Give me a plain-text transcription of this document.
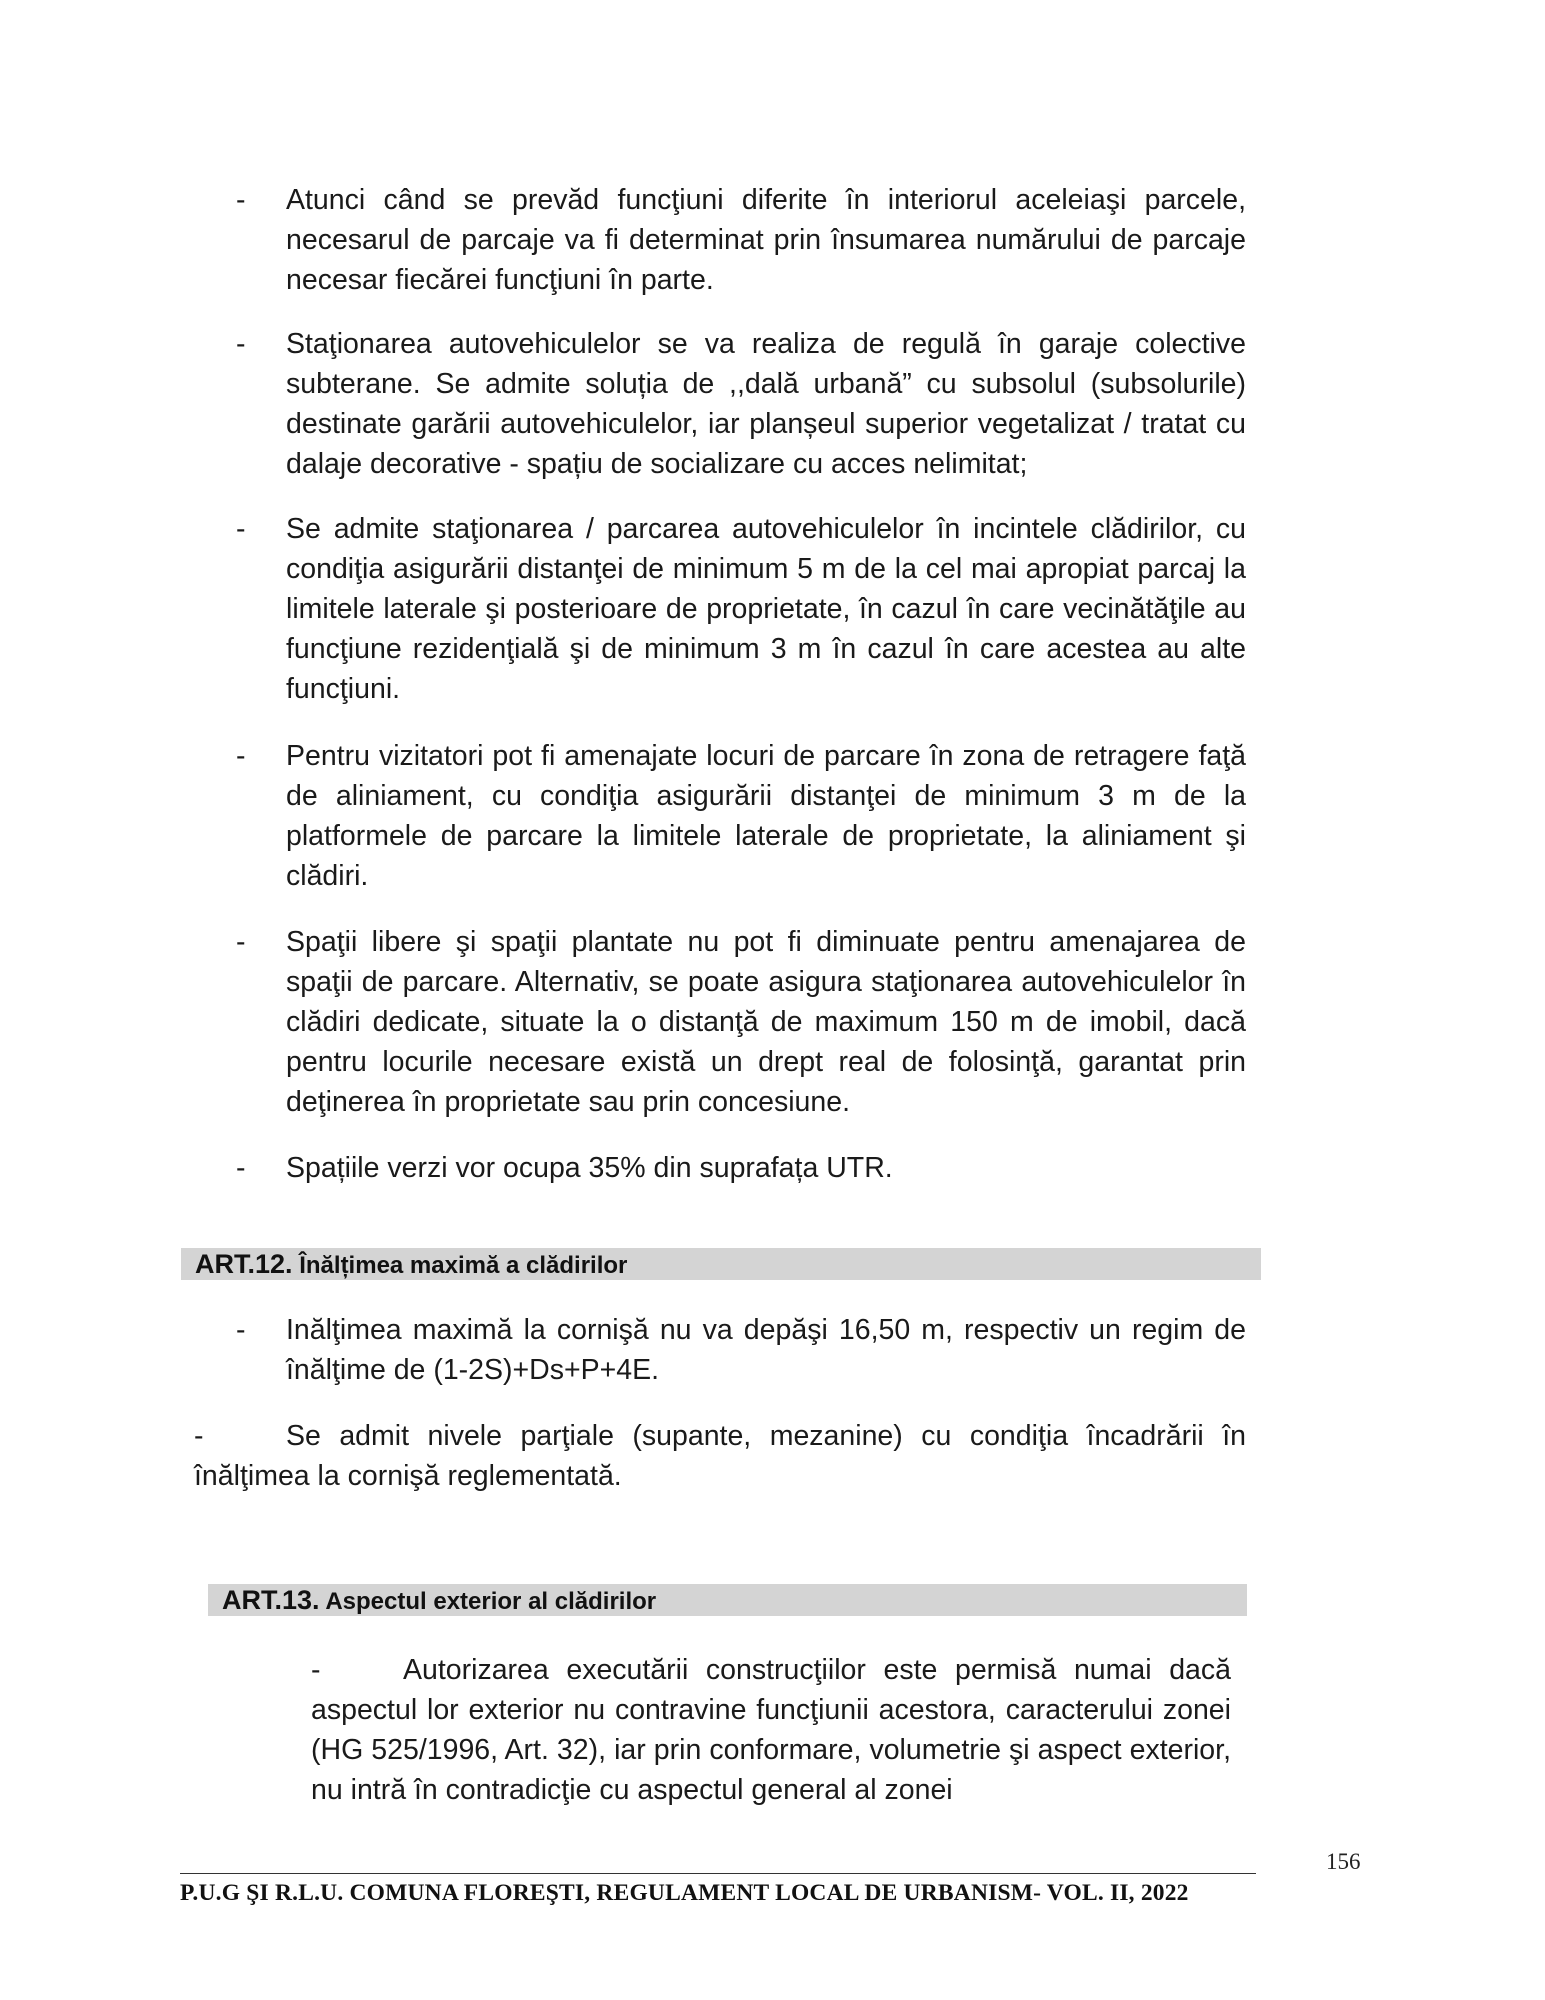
-	Atunci când se prevăd funcţiuni diferite în interiorul aceleiaşi parcele, necesarul de parcaje va fi determinat prin însumarea numărului de parcaje necesar fiecărei funcţiuni în parte.
-	Staţionarea autovehiculelor se va realiza de regulă în garaje colective subterane. Se admite soluția de ,,dală urbană” cu subsolul (subsolurile) destinate garării autovehiculelor, iar planșeul superior vegetalizat / tratat cu dalaje decorative - spațiu de socializare cu acces nelimitat;
-	Se admite staţionarea / parcarea autovehiculelor în incintele clădirilor, cu condiţia asigurării distanţei de minimum 5 m de la cel mai apropiat parcaj la limitele laterale şi posterioare de proprietate, în cazul în care vecinătăţile au funcţiune rezidenţială şi de minimum 3 m în cazul în care acestea au alte funcţiuni.
-	Pentru vizitatori pot fi amenajate locuri de parcare în zona de retragere faţă de aliniament, cu condiţia asigurării distanţei de minimum 3 m de la platformele de parcare la limitele laterale de proprietate, la aliniament şi clădiri.
-	Spaţii libere şi spaţii plantate nu pot fi diminuate pentru amenajarea de spaţii de parcare. Alternativ, se poate asigura staţionarea autovehiculelor în clădiri dedicate, situate la o distanţă de maximum 150 m de imobil, dacă pentru locurile necesare există un drept real de folosinţă, garantat prin deţinerea în proprietate sau prin concesiune.
-	Spațiile verzi vor ocupa 35% din suprafața UTR.
ART.12. Înălțimea maximă a clădirilor
-	Inălţimea maximă la cornişă nu va depăşi 16,50 m, respectiv un regim de înălţime de (1-2S)+Ds+P+4E.
-	Se admit nivele parţiale (supante, mezanine) cu condiţia încadrării în înălţimea la cornişă reglementată.
ART.13. Aspectul exterior al clădirilor
-	Autorizarea executării construcţiilor este permisă numai dacă aspectul lor exterior nu contravine funcţiunii acestora, caracterului zonei (HG 525/1996, Art. 32), iar prin conformare, volumetrie şi aspect exterior, nu intră în contradicţie cu aspectul general al zonei
156
P.U.G ŞI R.L.U. COMUNA FLOREŞTI, REGULAMENT LOCAL DE URBANISM- VOL. II, 2022
